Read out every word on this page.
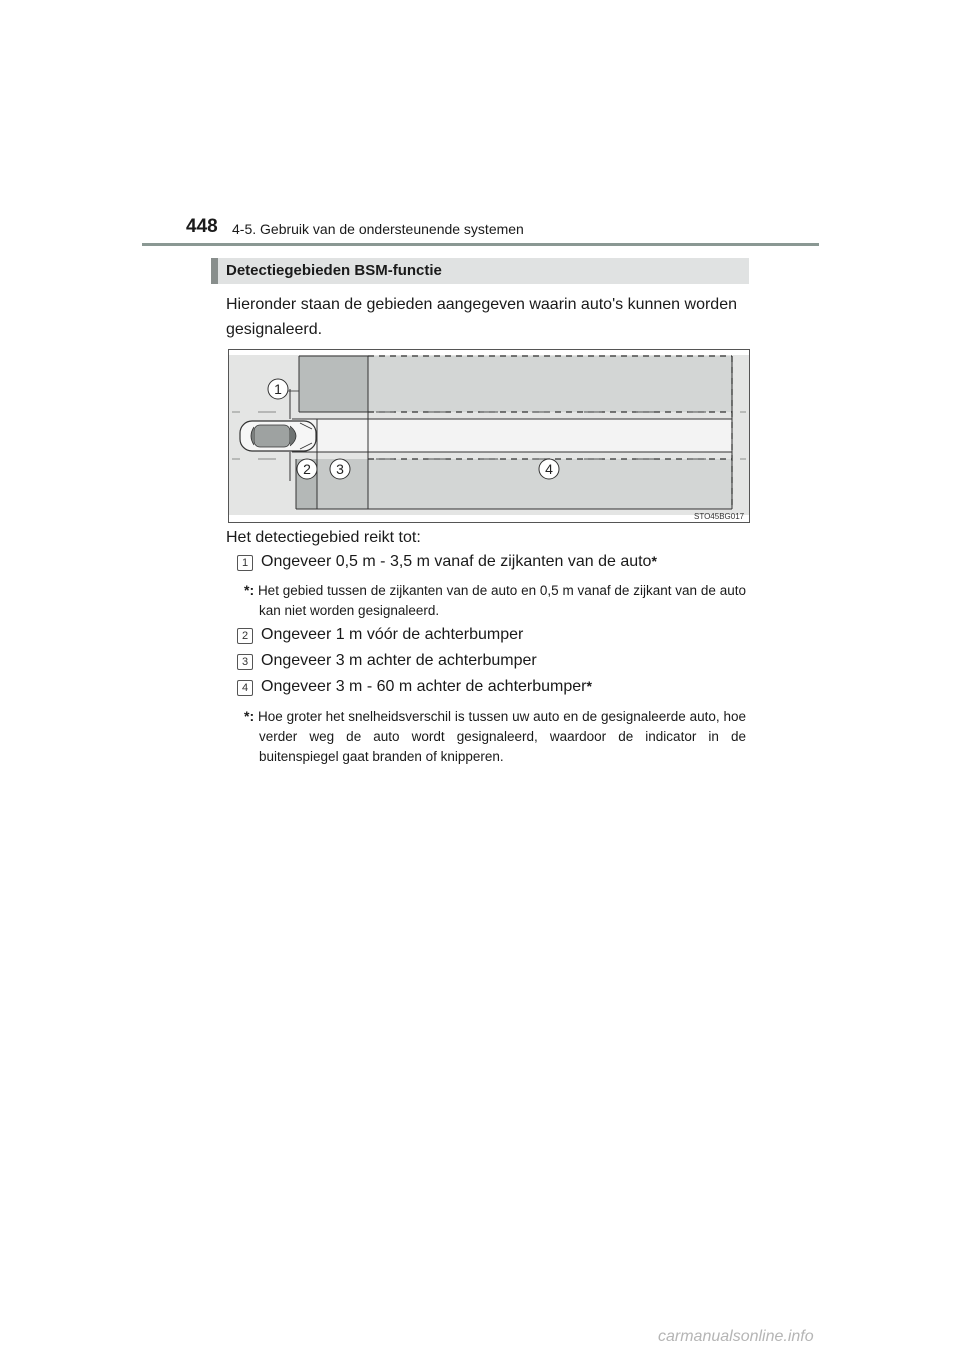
448 4-5. Gebruik van de ondersteunende systemen
Detectiegebieden BSM-functie
Hieronder staan de gebieden aangegeven waarin auto's kunnen worden gesignaleerd.
1
2 3	4
STO45BG017
Het detectiegebied reikt tot:
1 Ongeveer 0,5 m - 3,5 m vanaf de zijkanten van de auto *
*: Het gebied tussen de zijkanten van de auto en 0,5 m vanaf de zijkant van de auto kan niet worden gesignaleerd.
2 Ongeveer 1 m vóór de achterbumper
3 Ongeveer 3 m achter de achterbumper
4 Ongeveer 3 m - 60 m achter de achterbumper *
*: Hoe groter het snelheidsverschil is tussen uw auto en de gesignaleerde auto, hoe verder weg de auto wordt gesignaleerd, waardoor de indicator in de buitenspiegel gaat branden of knipperen.
carmanualsonline.info
